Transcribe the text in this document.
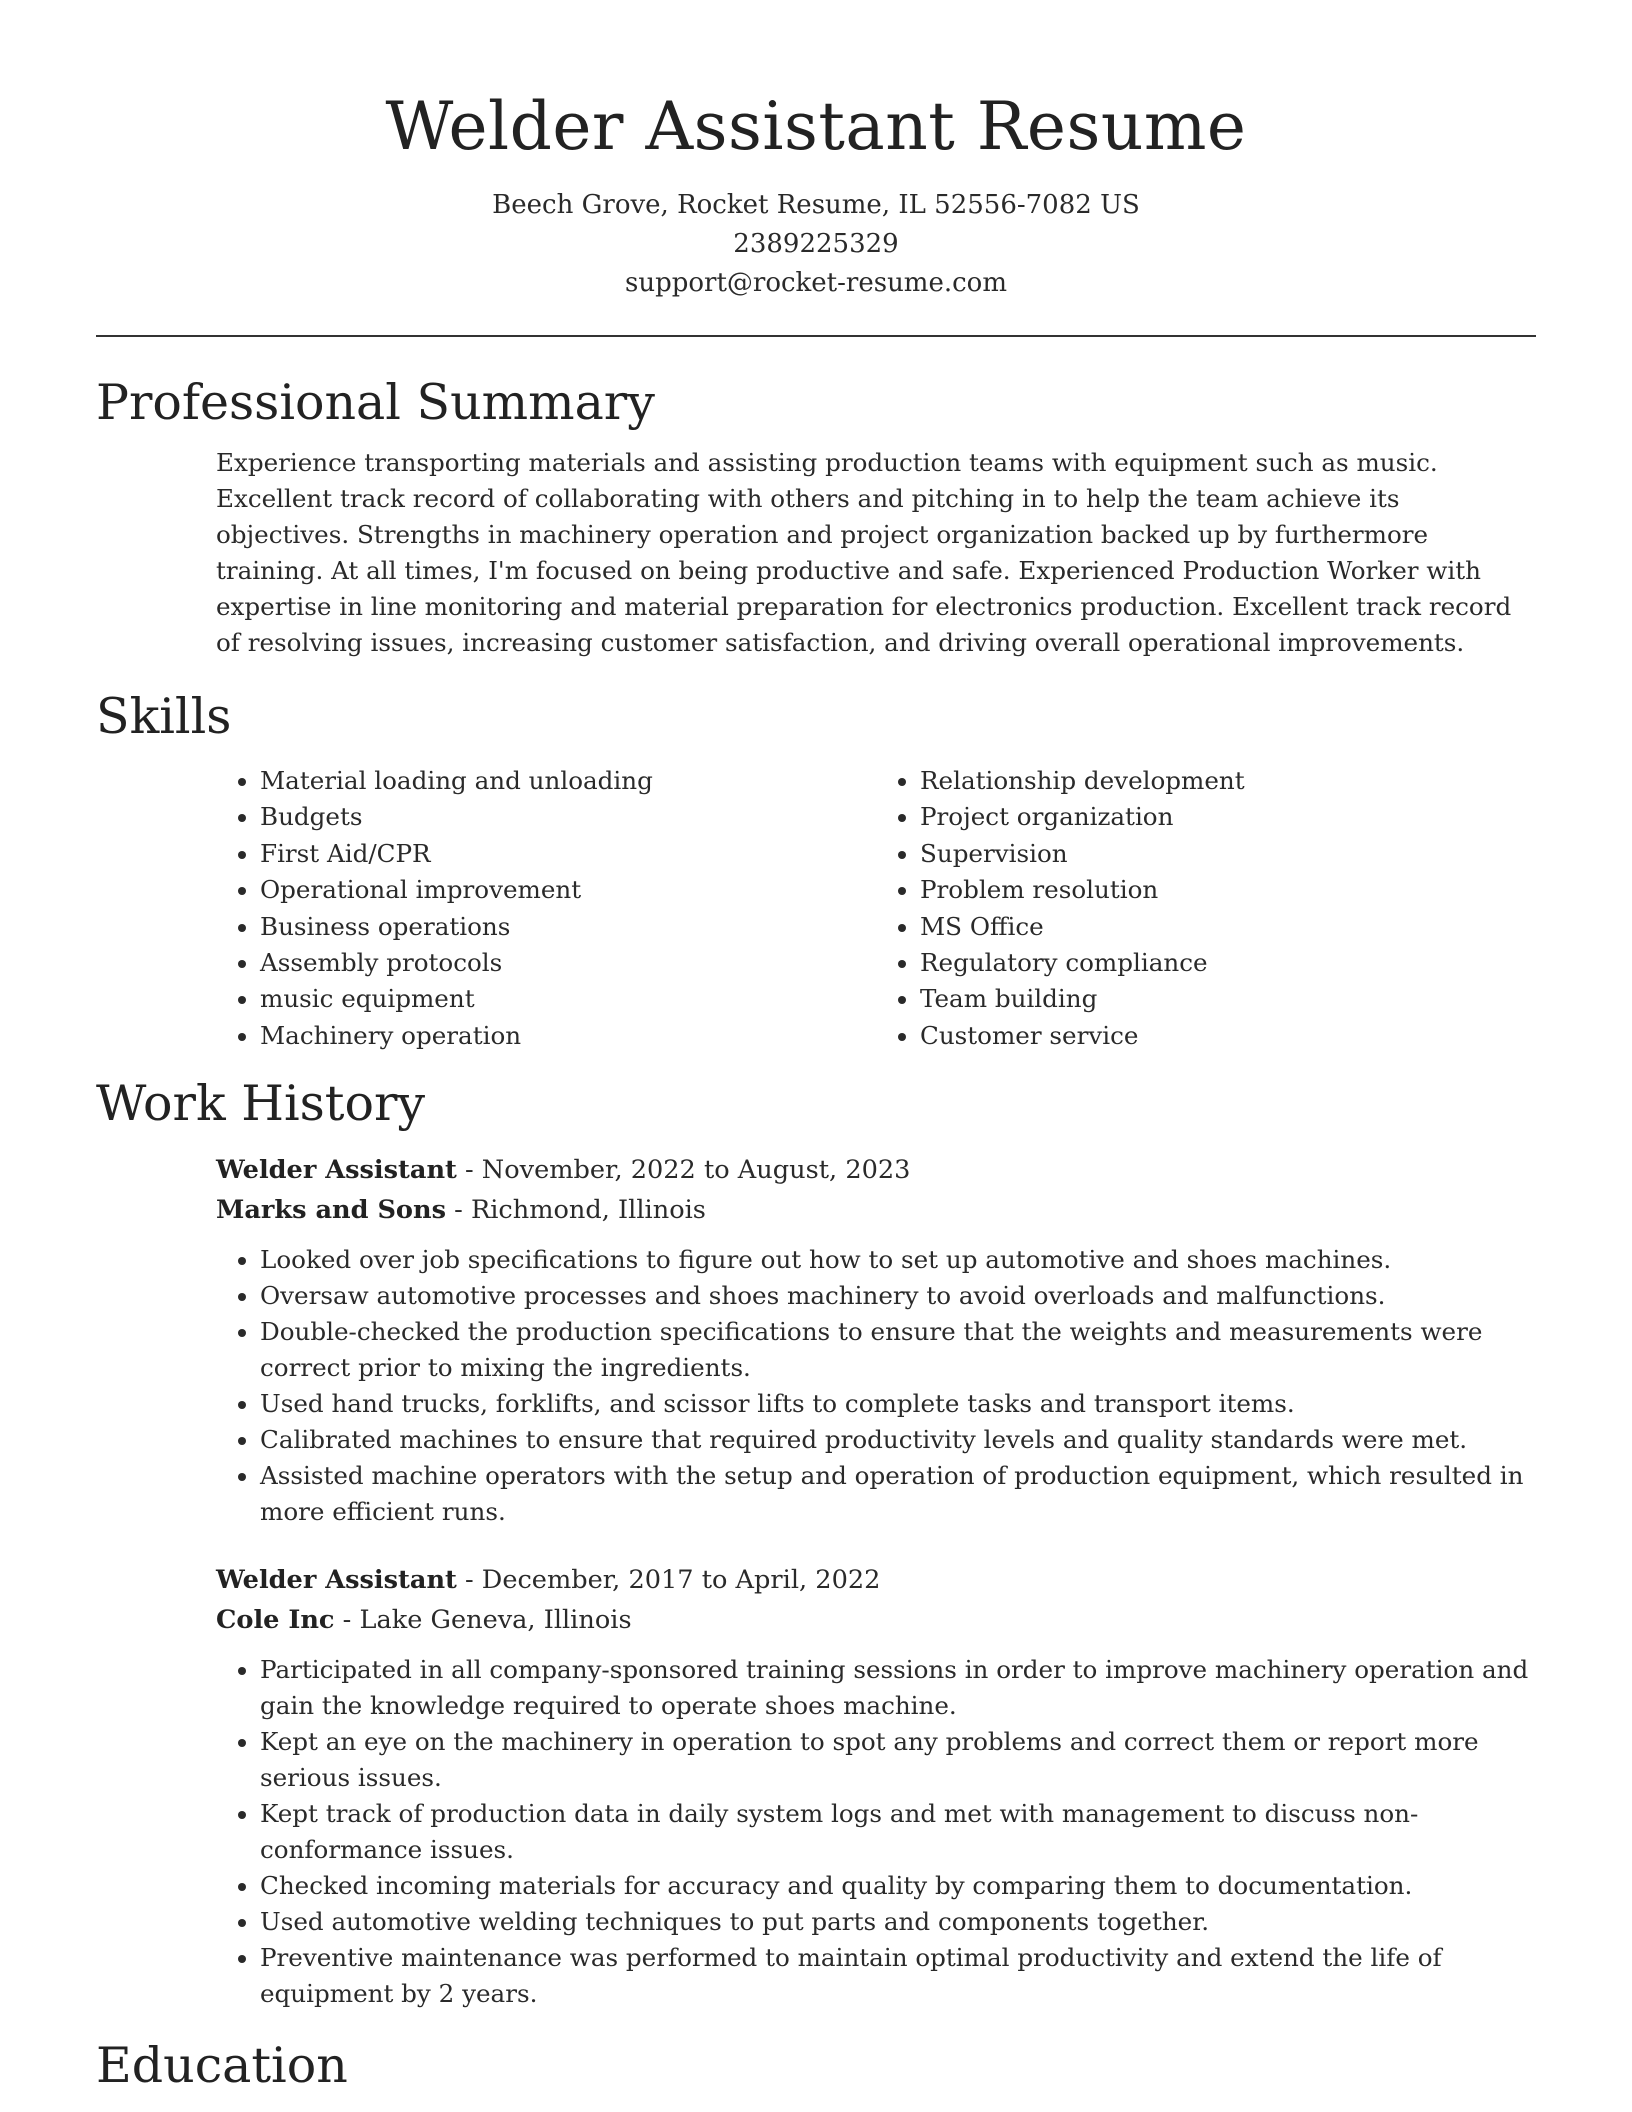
Welder Assistant Resume
Beech Grove, Rocket Resume, IL 52556-7082 US
2389225329
support@rocket-resume.com
Professional Summary

Experience transporting materials and assisting production teams with equipment such as music. Excellent track record of collaborating with others and pitching in to help the team achieve its objectives. Strengths in machinery operation and project organization backed up by furthermore training. At all times, I'm focused on being productive and safe. Experienced Production Worker with expertise in line monitoring and material preparation for electronics production. Excellent track record of resolving issues, increasing customer satisfaction, and driving overall operational improvements.

Skills
• Material loading and unloading
• Budgets
• First Aid/CPR
• Operational improvement
• Business operations
• Assembly protocols
• music equipment
• Machinery operation
• Relationship development
• Project organization
• Supervision
• Problem resolution
• MS Office
• Regulatory compliance
• Team building
• Customer service
Work History
Welder Assistant - November, 2022 to August, 2023
Marks and Sons - Richmond, Illinois
• Looked over job specifications to figure out how to set up automotive and shoes machines.
• Oversaw automotive processes and shoes machinery to avoid overloads and malfunctions.
• Double-checked the production specifications to ensure that the weights and measurements were correct prior to mixing the ingredients.
• Used hand trucks, forklifts, and scissor lifts to complete tasks and transport items.
• Calibrated machines to ensure that required productivity levels and quality standards were met.
• Assisted machine operators with the setup and operation of production equipment, which resulted in more efficient runs.
Welder Assistant - December, 2017 to April, 2022
Cole Inc - Lake Geneva, Illinois
• Participated in all company-sponsored training sessions in order to improve machinery operation and gain the knowledge required to operate shoes machine.
• Kept an eye on the machinery in operation to spot any problems and correct them or report more serious issues.
• Kept track of production data in daily system logs and met with management to discuss non-conformance issues.
• Checked incoming materials for accuracy and quality by comparing them to documentation.
• Used automotive welding techniques to put parts and components together.
• Preventive maintenance was performed to maintain optimal productivity and extend the life of equipment by 2 years.
Education
